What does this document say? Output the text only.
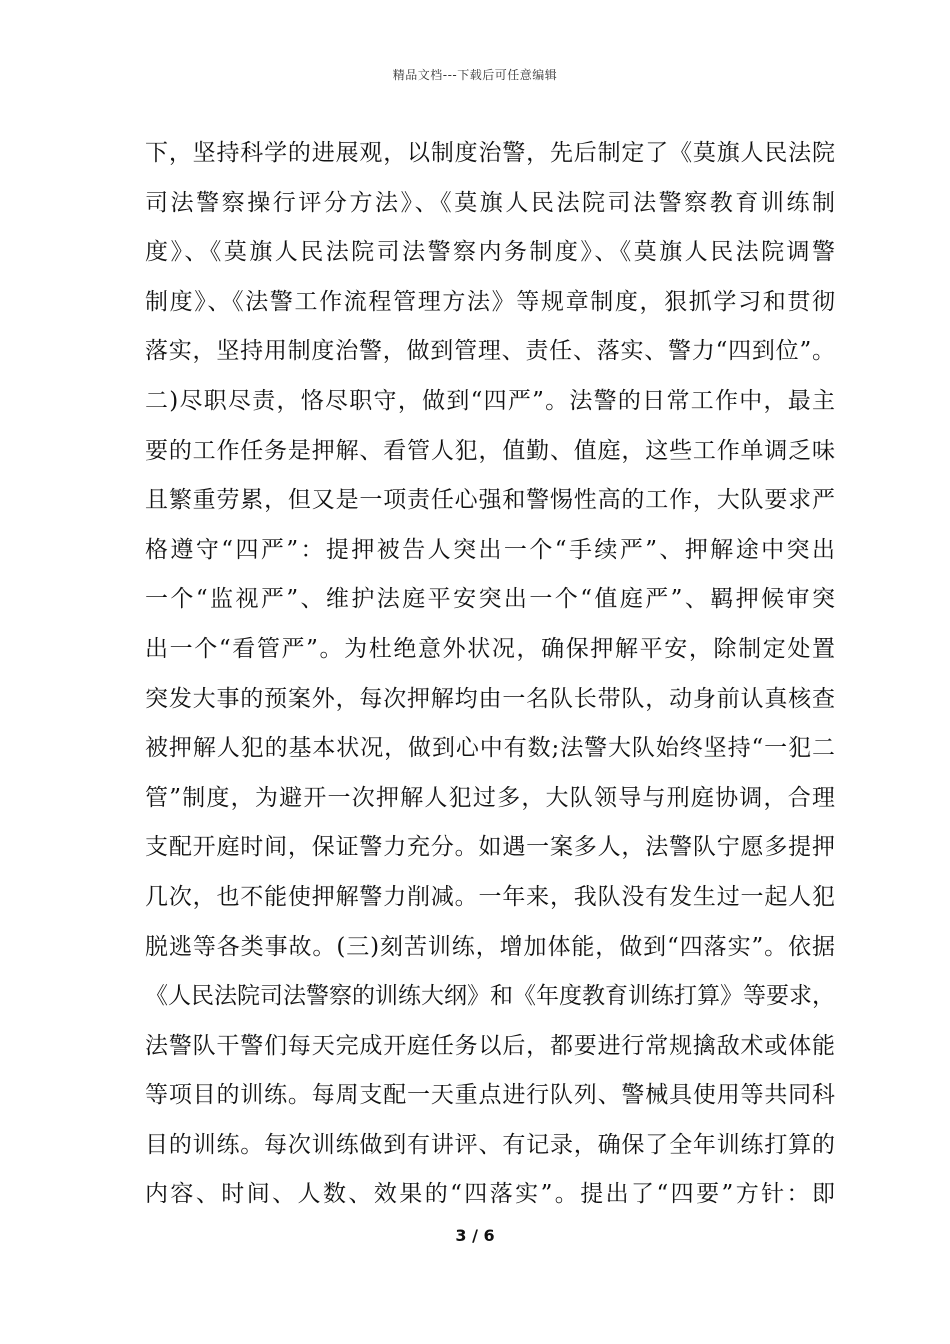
精品文档---下载后可任意编辑
下，坚持科学的进展观，以制度治警，先后制定了《莫旗人民法院
司法警察操行评分方法》、《莫旗人民法院司法警察教育训练制
度》、《莫旗人民法院司法警察内务制度》、《莫旗人民法院调警
制度》、《法警工作流程管理方法》等规章制度，狠抓学习和贯彻
落实，坚持用制度治警，做到管理、责任、落实、警力“四到位”。
二)尽职尽责，恪尽职守，做到“四严”。法警的日常工作中，最主
要的工作任务是押解、看管人犯，值勤、值庭，这些工作单调乏味
且繁重劳累，但又是一项责任心强和警惕性高的工作，大队要求严
格遵守“四严”：提押被告人突出一个“手续严”、押解途中突出
一个“监视严”、维护法庭平安突出一个“值庭严”、羁押候审突
出一个“看管严”。为杜绝意外状况，确保押解平安，除制定处置
突发大事的预案外，每次押解均由一名队长带队，动身前认真核查
被押解人犯的基本状况，做到心中有数;法警大队始终坚持“一犯二
管”制度，为避开一次押解人犯过多，大队领导与刑庭协调，合理
支配开庭时间，保证警力充分。如遇一案多人，法警队宁愿多提押
几次，也不能使押解警力削减。一年来，我队没有发生过一起人犯
脱逃等各类事故。(三)刻苦训练，增加体能，做到“四落实”。依据
《人民法院司法警察的训练大纲》和《年度教育训练打算》等要求，
法警队干警们每天完成开庭任务以后，都要进行常规擒敌术或体能
等项目的训练。每周支配一天重点进行队列、警械具使用等共同科
目的训练。每次训练做到有讲评、有记录，确保了全年训练打算的
内容、时间、人数、效果的“四落实”。提出了“四要”方针：即
3 / 6
